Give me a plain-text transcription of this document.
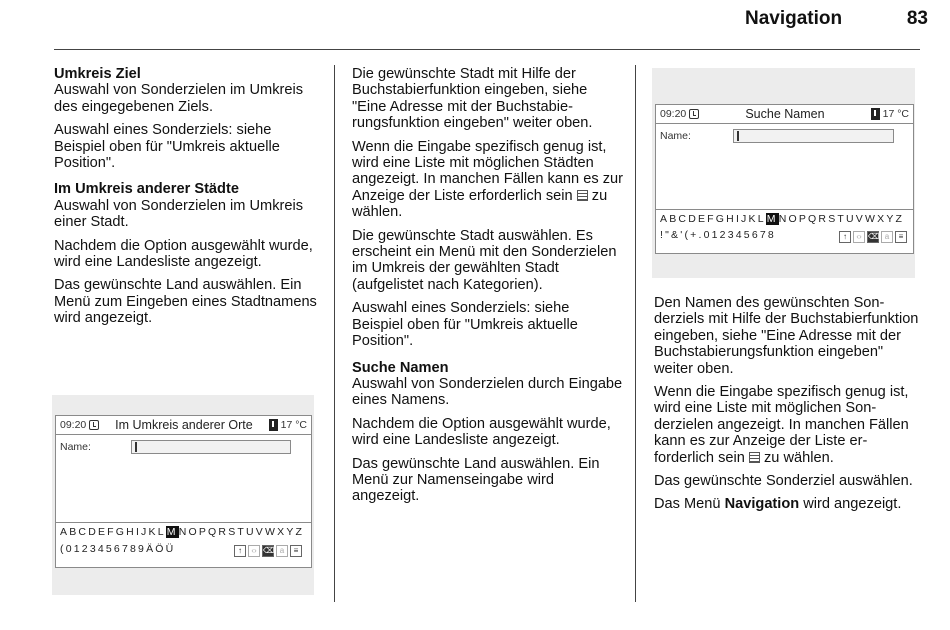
Navigation	83
Umkreis Ziel

Auswahl von Sonderzielen im Umkreis des eingegebenen Ziels.

Auswahl eines Sonderziels: siehe Beispiel oben für "Umkreis aktuelle Position".

Im Umkreis anderer Städte

Auswahl von Sonderzielen im Umkreis einer Stadt.

Nachdem die Option ausgewählt wurde, wird eine Landesliste angezeigt.

Das gewünschte Land auswählen. Ein Menü zum Eingeben eines Stadtnamens wird angezeigt.

09:20	Im Umkreis anderer Orte	17 °C
Name:
ABCDEFGHIJKLMNOPQRSTUVWXYZ
(0123456789ÄÖÜ	↑	‹› ⌫ a	≡

Die gewünschte Stadt mit Hilfe der Buchstabierfunktion eingeben, siehe "Eine Adresse mit der Buchstabierungsfunktion eingeben" weiter oben.

Wenn die Eingabe spezifisch genug ist, wird eine Liste mit möglichen Städten angezeigt. In manchen Fällen kann es zur Anzeige der Liste erforderlich sein zu wählen.

Die gewünschte Stadt auswählen. Es erscheint ein Menü mit den Sonderzielen im Umkreis der gewählten Stadt (aufgelistet nach Kategorien).

Auswahl eines Sonderziels: siehe Beispiel oben für "Umkreis aktuelle Position".

Suche Namen

Auswahl von Sonderzielen durch Eingabe eines Namens.

Nachdem die Option ausgewählt wurde, wird eine Landesliste angezeigt.

Das gewünschte Land auswählen. Ein Menü zur Namenseingabe wird angezeigt.

09:20	Suche Namen	17 °C
Name:
ABCDEFGHIJKLMNOPQRSTUVWXYZ
!"&'(+.012345678	↑	‹› ⌫ a	≡

Den Namen des gewünschten Sonderziels mit Hilfe der Buchstabierfunktion eingeben, siehe "Eine Adresse mit der Buchstabierungsfunktion eingeben" weiter oben.

Wenn die Eingabe spezifisch genug ist, wird eine Liste mit möglichen Sonderzielen angezeigt. In manchen Fällen kann es zur Anzeige der Liste erforderlich sein zu wählen.

Das gewünschte Sonderziel auswählen.

Das Menü Navigation wird angezeigt.
